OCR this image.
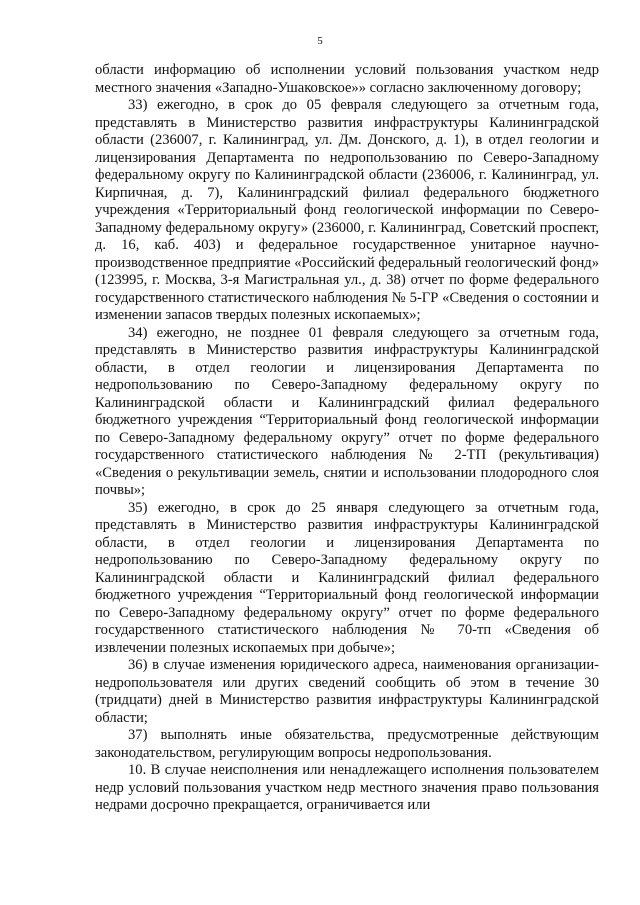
5

области информацию об исполнении условий пользования участком недр местного значения «Западно-Ушаковское»» согласно заключенному договору;

33) ежегодно, в срок до 05 февраля следующего за отчетным года, представлять в Министерство развития инфраструктуры Калининградской области (236007, г. Калининград, ул. Дм. Донского, д. 1), в отдел геологии и лицензирования Департамента по недропользованию по Северо-Западному федеральному округу по Калининградской области (236006, г. Калининград, ул. Кирпичная, д. 7), Калининградский филиал федерального бюджетного учреждения «Территориальный фонд геологической информации по Северо-Западному федеральному округу» (236000, г. Калининград, Советский проспект, д. 16, каб. 403) и федеральное государственное унитарное научно-производственное предприятие «Российский федеральный геологический фонд» (123995, г. Москва, 3-я Магистральная ул., д. 38) отчет по форме федерального государственного статистического наблюдения № 5-ГР «Сведения о состоянии и изменении запасов твердых полезных ископаемых»;

34) ежегодно, не позднее 01 февраля следующего за отчетным года, представлять в Министерство развития инфраструктуры Калининградской области, в отдел геологии и лицензирования Департамента по недропользованию по Северо-Западному федеральному округу по Калининградской области и Калининградский филиал федерального бюджетного учреждения “Территориальный фонд геологической информации по Северо-Западному федеральному округу” отчет по форме федерального государственного статистического наблюдения № 2-ТП (рекультивация) «Сведения о рекультивации земель, снятии и использовании плодородного слоя почвы»;

35) ежегодно, в срок до 25 января следующего за отчетным года, представлять в Министерство развития инфраструктуры Калининградской области, в отдел геологии и лицензирования Департамента по недропользованию по Северо-Западному федеральному округу по Калининградской области и Калининградский филиал федерального бюджетного учреждения “Территориальный фонд геологической информации по Северо-Западному федеральному округу” отчет по форме федерального государственного статистического наблюдения № 70-тп «Сведения об извлечении полезных ископаемых при добыче»;

36) в случае изменения юридического адреса, наименования организации-недропользователя или других сведений сообщить об этом в течение 30 (тридцати) дней в Министерство развития инфраструктуры Калининградской области;

37) выполнять иные обязательства, предусмотренные действующим законодательством, регулирующим вопросы недропользования.

10. В случае неисполнения или ненадлежащего исполнения пользователем недр условий пользования участком недр местного значения право пользования недрами досрочно прекращается, ограничивается или
